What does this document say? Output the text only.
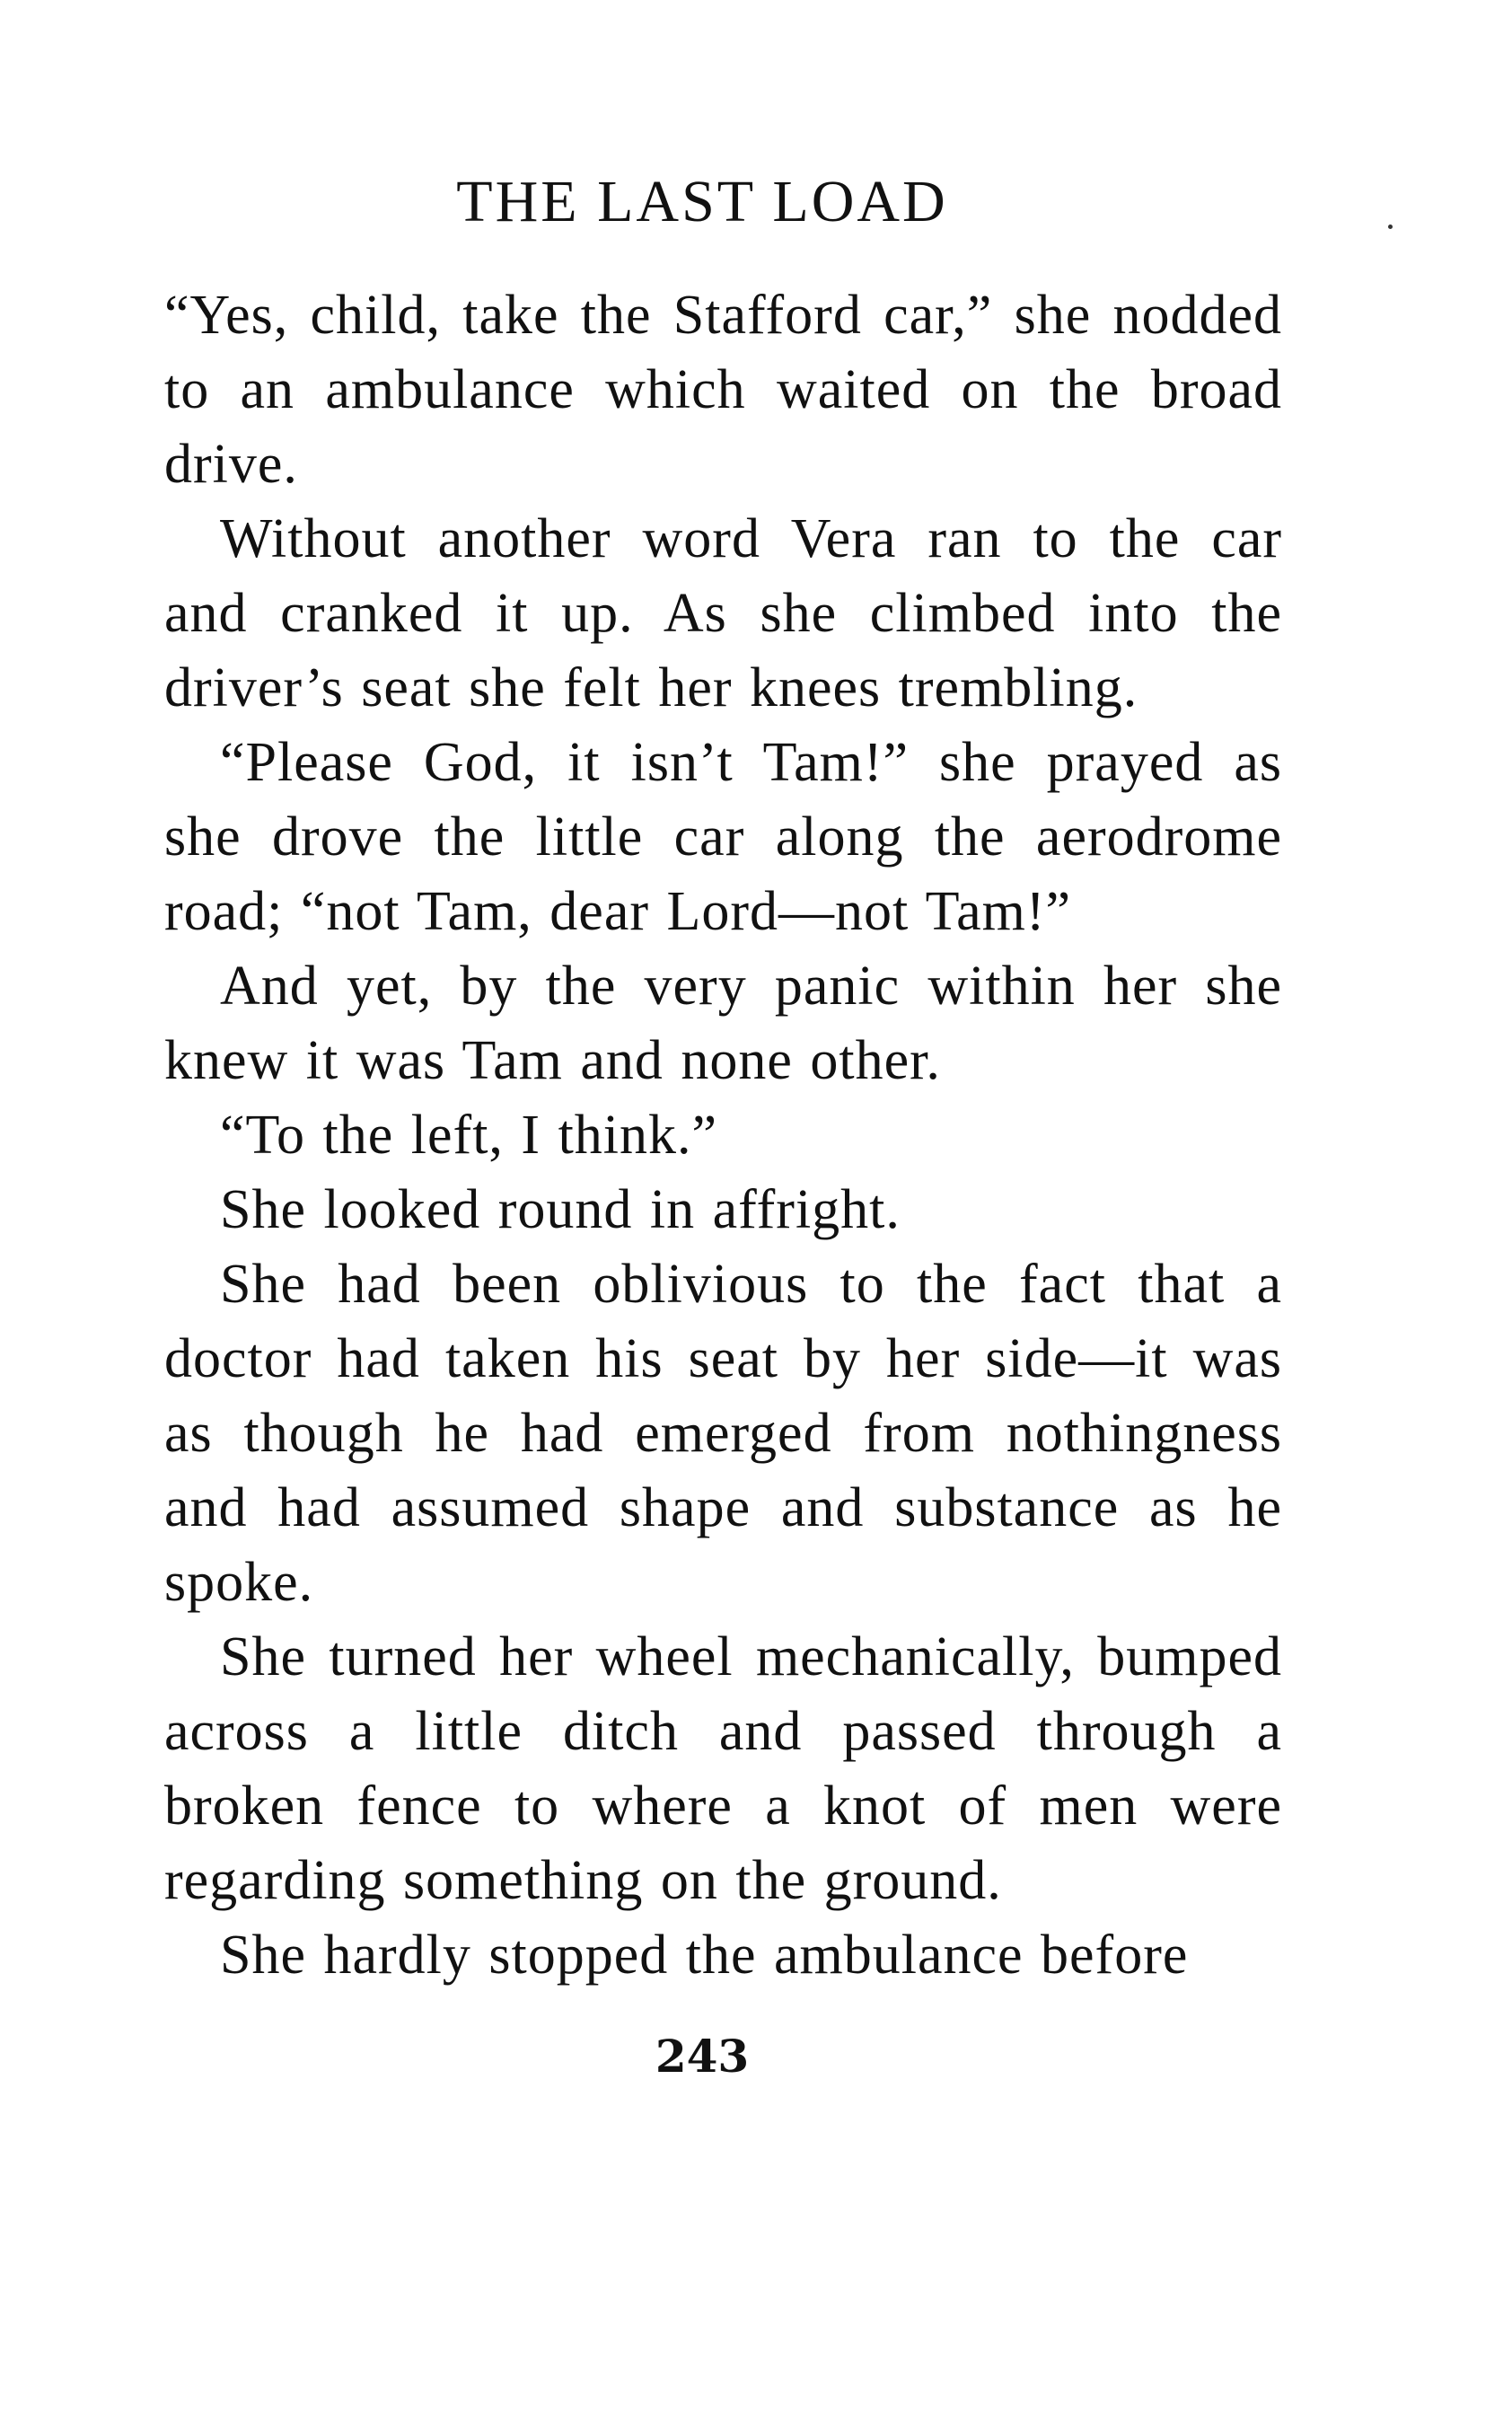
THE LAST LOAD

“Yes, child, take the Stafford car,” she nodded to an ambulance which waited on the broad drive.

Without another word Vera ran to the car and cranked it up. As she climbed into the driver’s seat she felt her knees trembling.

“Please God, it isn’t Tam!” she prayed as she drove the little car along the aerodrome road; “not Tam, dear Lord—not Tam!”

And yet, by the very panic within her she knew it was Tam and none other.

“To the left, I think.”

She looked round in affright.

She had been oblivious to the fact that a doctor had taken his seat by her side—it was as though he had emerged from nothingness and had assumed shape and substance as he spoke.

She turned her wheel mechanically, bumped across a little ditch and passed through a broken fence to where a knot of men were regarding something on the ground.

She hardly stopped the ambulance before

243
